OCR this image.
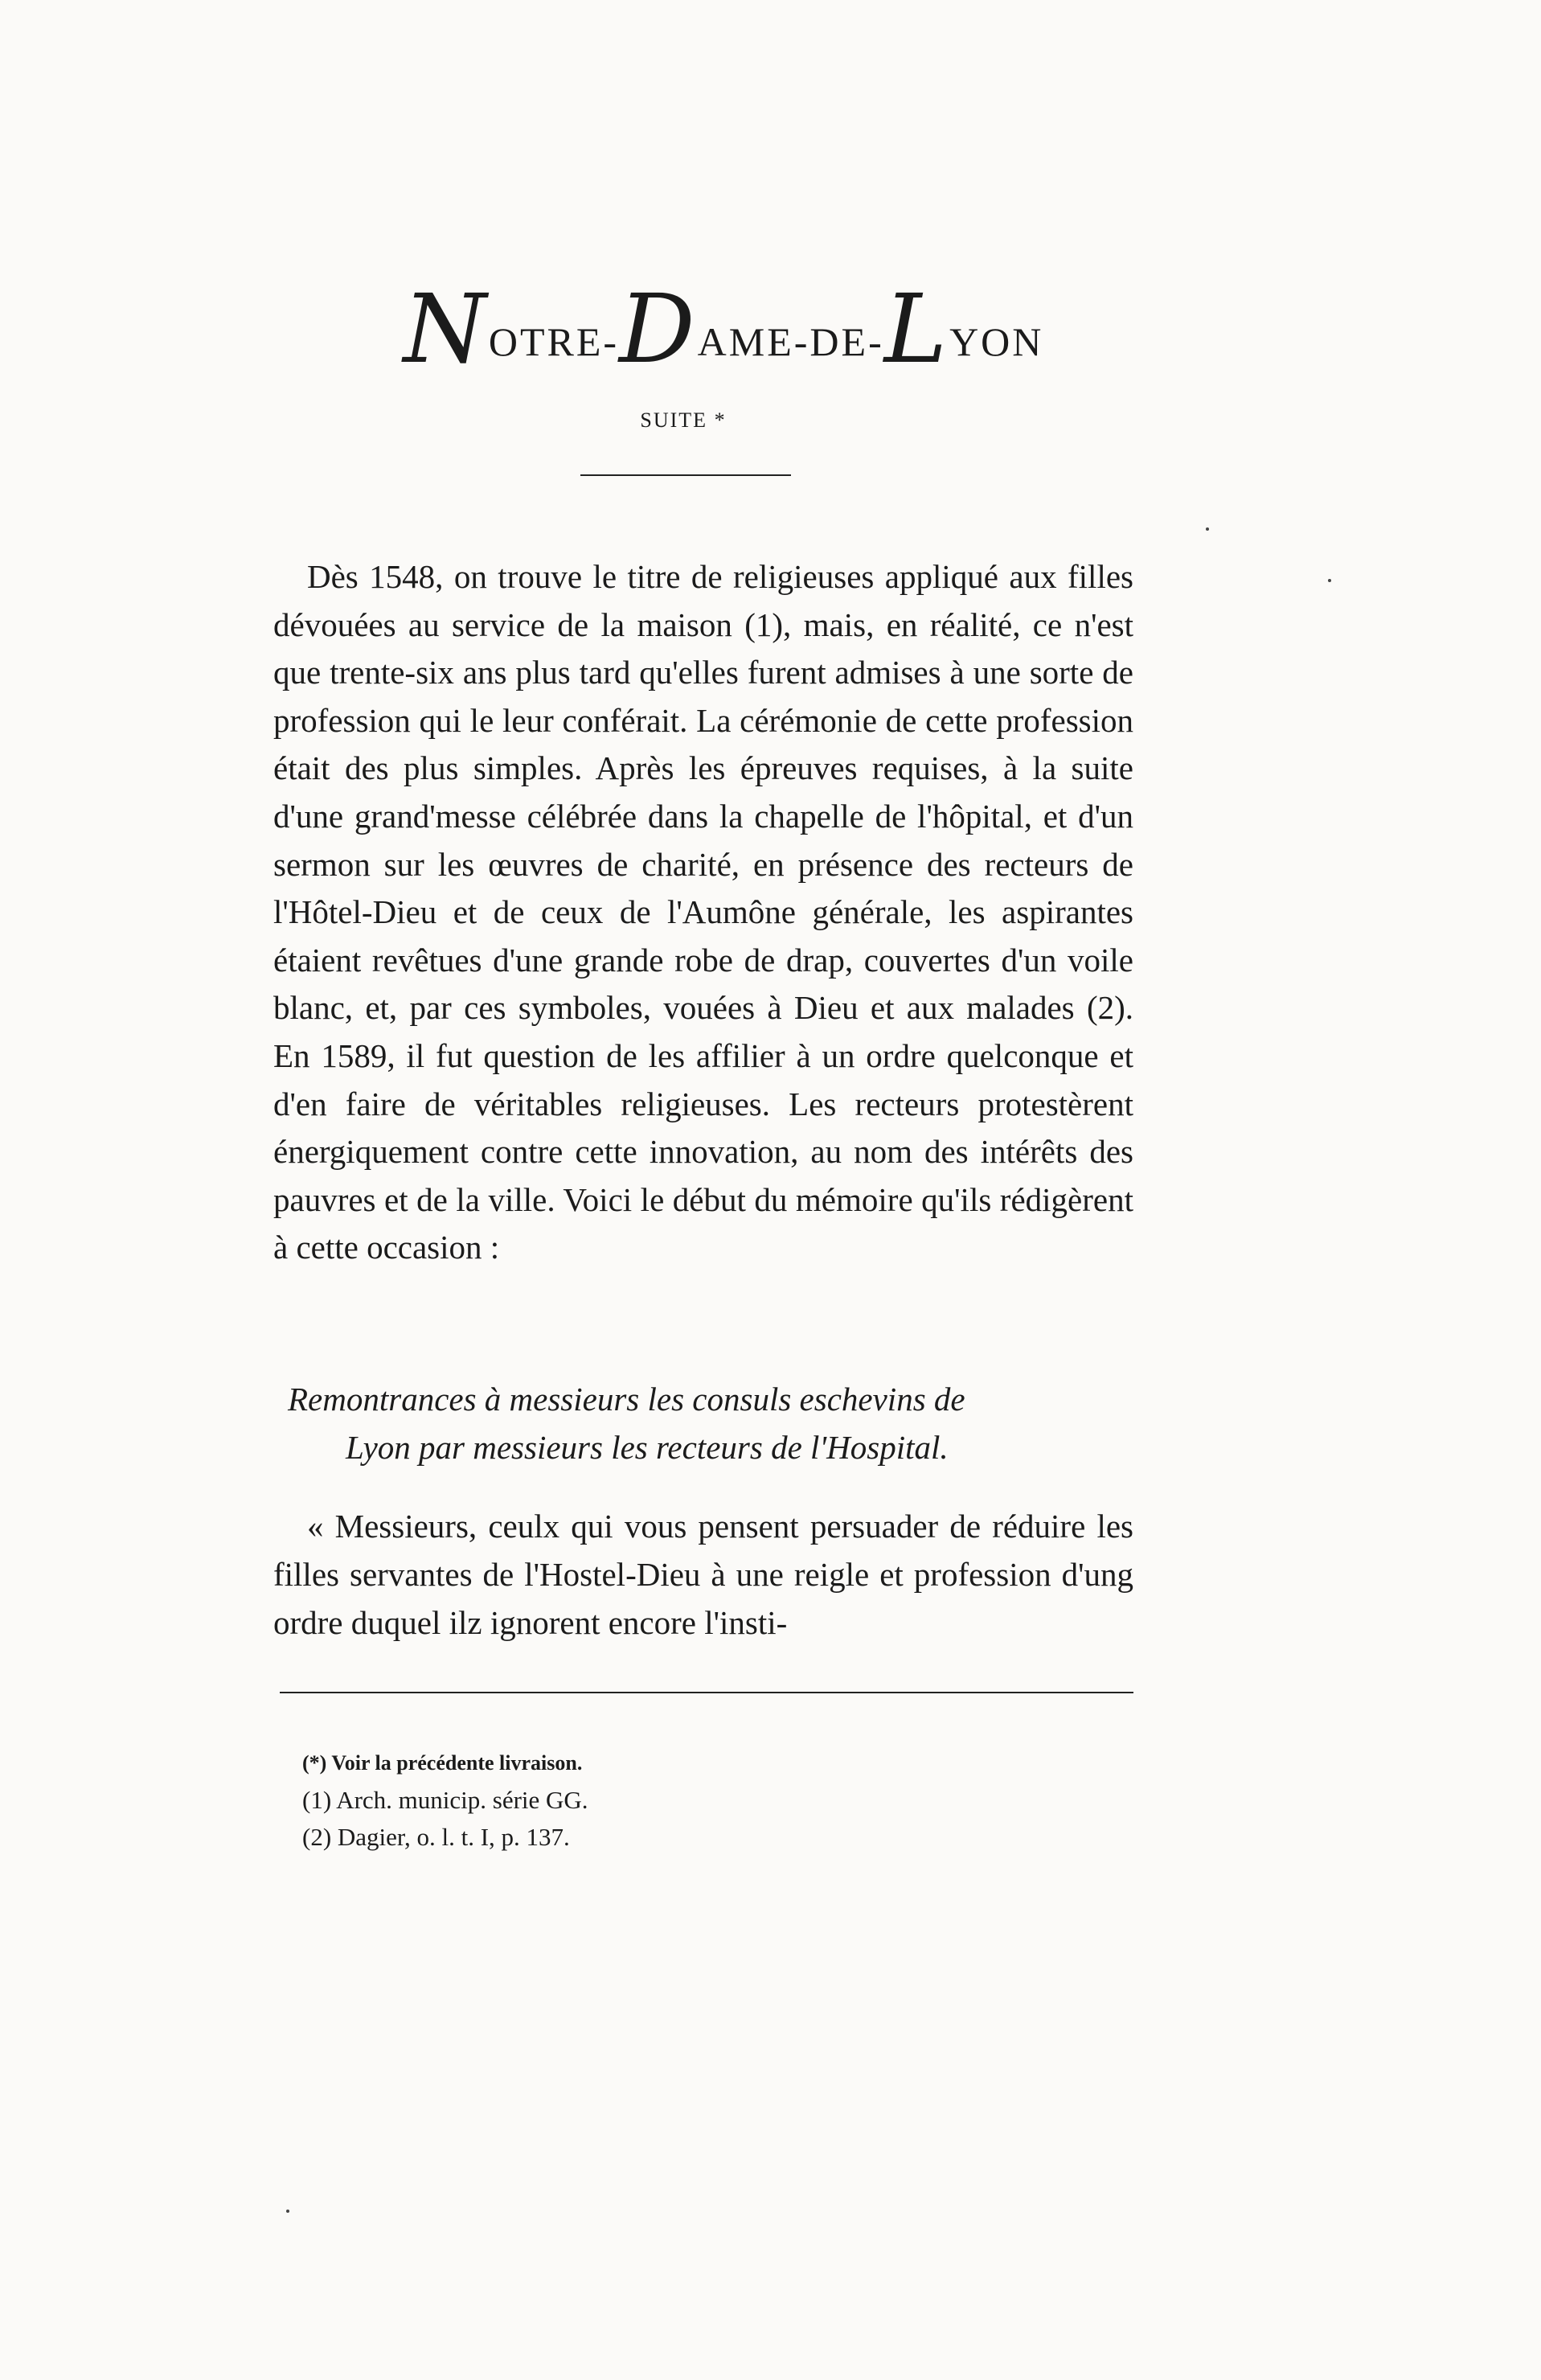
NOTRE-DAME-DE-LYON
SUITE *

Dès 1548, on trouve le titre de religieuses appliqué aux filles dévouées au service de la maison (1), mais, en réalité, ce n'est que trente-six ans plus tard qu'elles furent admises à une sorte de profession qui le leur conférait. La cérémonie de cette profession était des plus simples. Après les épreuves requises, à la suite d'une grand'messe célébrée dans la chapelle de l'hôpital, et d'un sermon sur les œuvres de charité, en présence des recteurs de l'Hôtel-Dieu et de ceux de l'Aumône générale, les aspirantes étaient revêtues d'une grande robe de drap, couvertes d'un voile blanc, et, par ces symboles, vouées à Dieu et aux malades (2). En 1589, il fut question de les affilier à un ordre quelconque et d'en faire de véritables religieuses. Les recteurs protestèrent énergiquement contre cette innovation, au nom des intérêts des pauvres et de la ville. Voici le début du mémoire qu'ils rédigèrent à cette occasion :

Remontrances à messieurs les consuls eschevins de
Lyon par messieurs les recteurs de l'Hospital.

« Messieurs, ceulx qui vous pensent persuader de réduire les filles servantes de l'Hostel-Dieu à une reigle et profession d'ung ordre duquel ilz ignorent encore l'insti-

(*) Voir la précédente livraison.
(1) Arch. municip. série GG.
(2) Dagier, o. l. t. I, p. 137.
